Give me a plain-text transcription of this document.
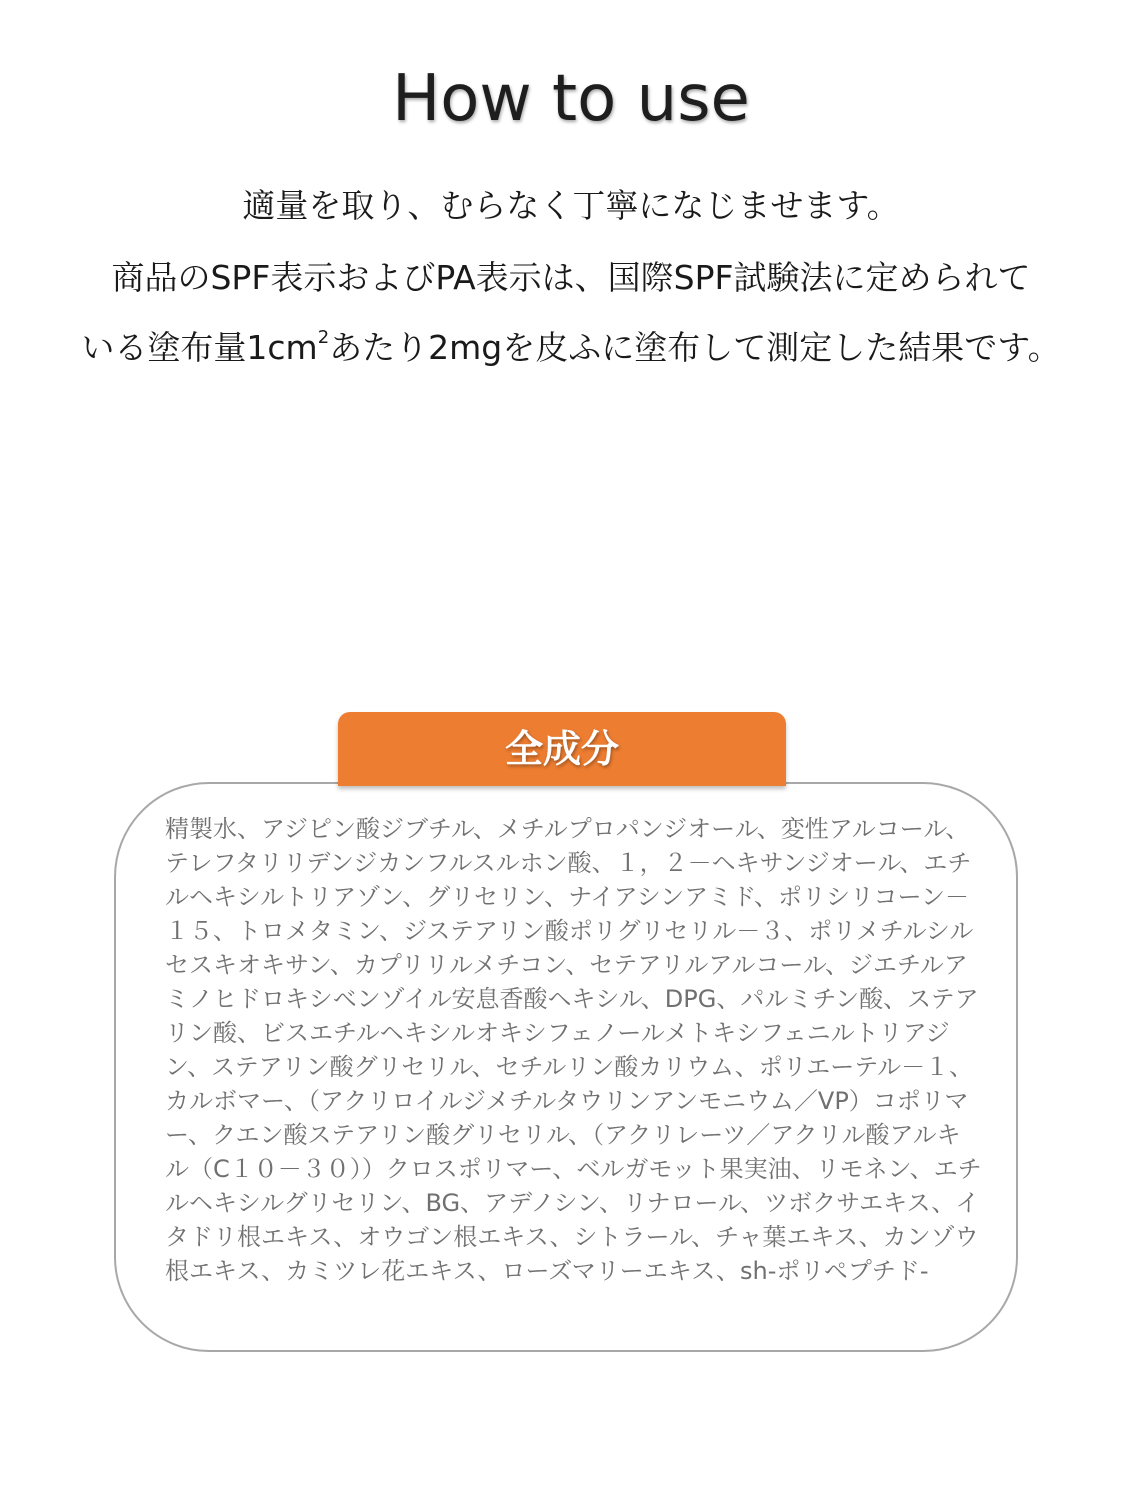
How to use
適量を取り、むらなく丁寧になじませます。
商品のSPF表示およびPA表示は、国際SPF試験法に定められて
いる塗布量$1cm^2$あたり2mgを皮ふに塗布して測定した結果です。
全成分
精製水、アジピン酸ジブチル、メチルプロパンジオール、変性アルコール、テレフタリリデンジカンフルスルホン酸、１，２－ヘキサンジオール、エチルヘキシルトリアゾン、グリセリン、ナイアシンアミド、ポリシリコーン－１５、トロメタミン、ジステアリン酸ポリグリセリル－３、ポリメチルシルセスキオキサン、カプリリルメチコン、セテアリルアルコール、ジエチルアミノヒドロキシベンゾイル安息香酸ヘキシル、DPG、パルミチン酸、ステアリン酸、ビスエチルヘキシルオキシフェノールメトキシフェニルトリアジン、ステアリン酸グリセリル、セチルリン酸カリウム、ポリエーテル－１、カルボマー、（アクリロイルジメチルタウリンアンモニウム／VP）コポリマー、クエン酸ステアリン酸グリセリル、（アクリレーツ／アクリル酸アルキル（C１０－３０））クロスポリマー、ベルガモット果実油、リモネン、エチルヘキシルグリセリン、BG、アデノシン、リナロール、ツボクサエキス、イタドリ根エキス、オウゴン根エキス、シトラール、チャ葉エキス、カンゾウ根エキス、カミツレ花エキス、ローズマリーエキス、sh-ポリペプチド-
